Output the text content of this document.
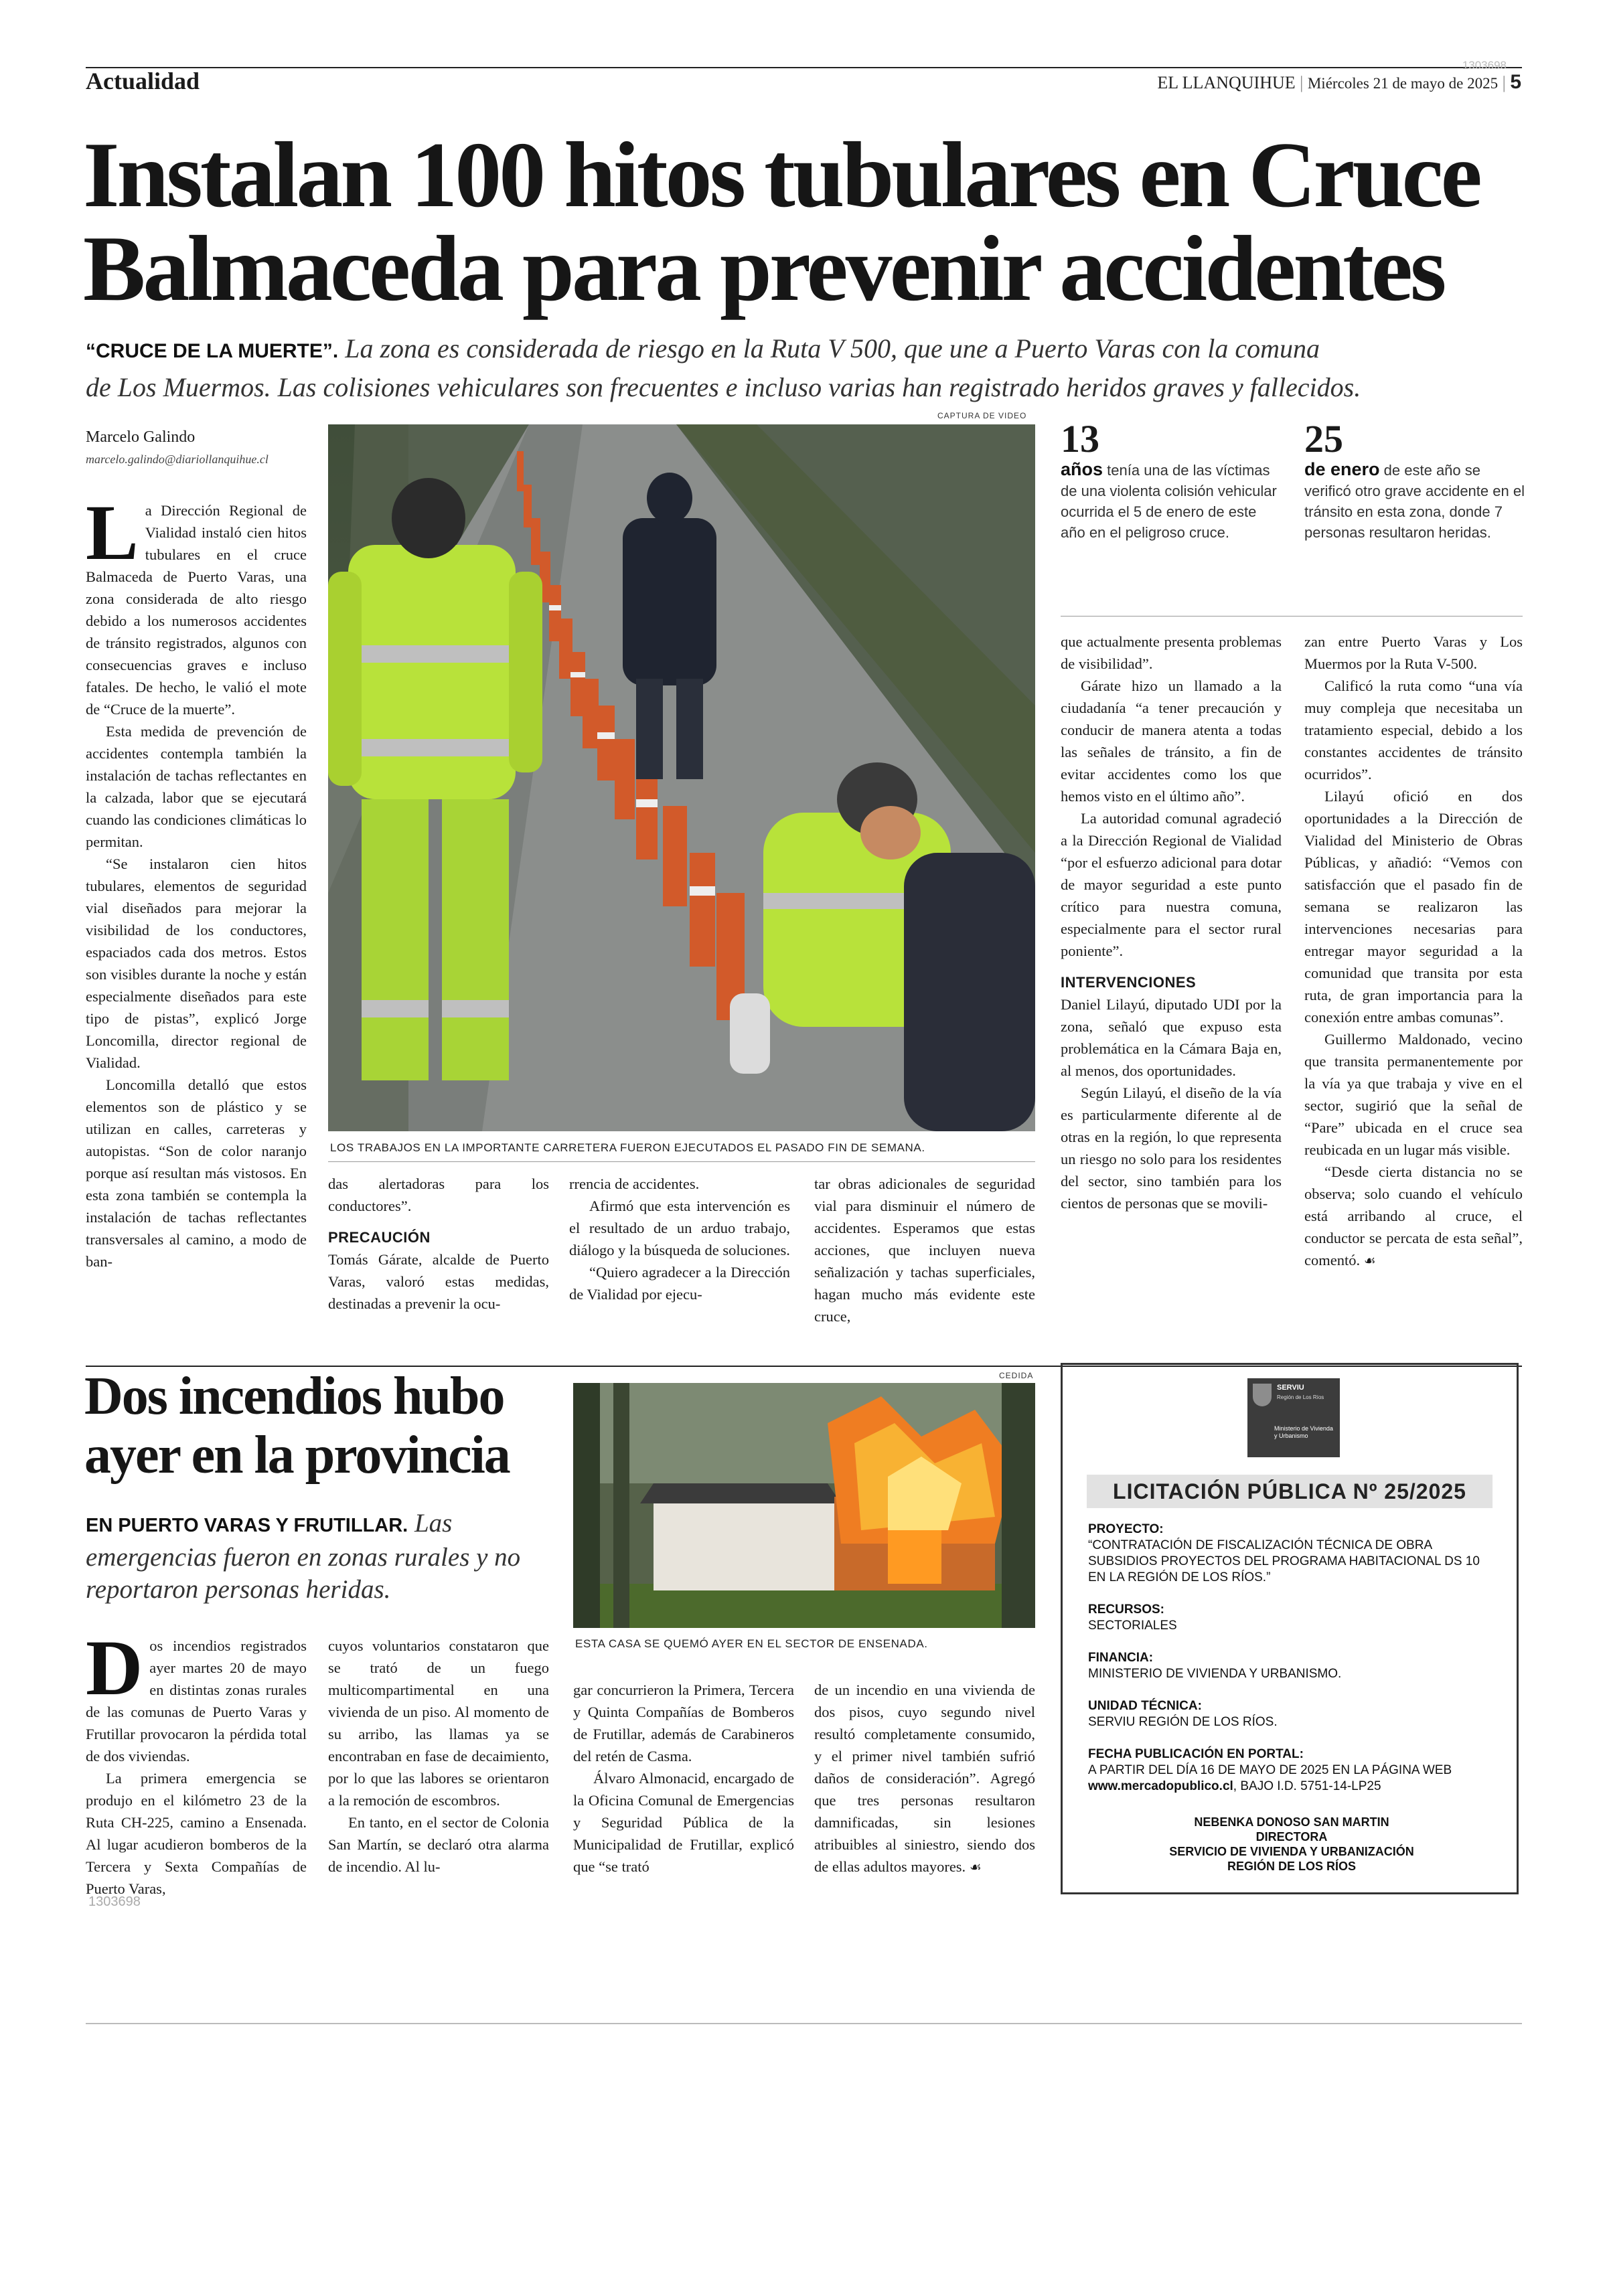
Actualidad	EL LLANQUIHUE | Miércoles 21 de mayo de 2025 | 5
1303698
Instalan 100 hitos tubulares en Cruce
Balmaceda para prevenir accidentes
“CRUCE DE LA MUERTE”. La zona es considerada de riesgo en la Ruta V 500, que une a Puerto Varas con la comuna
de Los Muermos. Las colisiones vehiculares son frecuentes e incluso varias han registrado heridos graves y fallecidos.
Marcelo Galindo
marcelo.galindo@diariollanquihue.cl
CAPTURA DE VIDEO
LOS TRABAJOS EN LA IMPORTANTE CARRETERA FUERON EJECUTADOS EL PASADO FIN DE SEMANA.

La Dirección Regional de Vialidad instaló cien hitos tubulares en el cruce Balmaceda de Puerto Varas, una zona considerada de alto riesgo debido a los numerosos accidentes de tránsito registrados, algunos con consecuencias graves e incluso fatales. De hecho, le valió el mote de “Cruce de la muerte”.

Esta medida de prevención de accidentes contempla también la instalación de tachas reflectantes en la calzada, labor que se ejecutará cuando las condiciones climáticas lo permitan.

“Se instalaron cien hitos tubulares, elementos de seguridad vial diseñados para mejorar la visibilidad de los conductores, espaciados cada dos metros. Estos son visibles durante la noche y están especialmente diseñados para este tipo de pistas”, explicó Jorge Loncomilla, director regional de Vialidad.

Loncomilla detalló que estos elementos son de plástico y se utilizan en calles, carreteras y autopistas. “Son de color naranjo porque así resultan más vistosos. En esta zona también se contempla la instalación de tachas reflectantes transversales al camino, a modo de ban-

das alertadoras para los conductores”.

PRECAUCIÓN

Tomás Gárate, alcalde de Puerto Varas, valoró estas medidas, destinadas a prevenir la ocu-

rrencia de accidentes.

Afirmó que esta intervención es el resultado de un arduo trabajo, diálogo y la búsqueda de soluciones.

“Quiero agradecer a la Dirección de Vialidad por ejecu-

tar obras adicionales de seguridad vial para disminuir el número de accidentes. Esperamos que estas acciones, que incluyen nueva señalización y tachas superficiales, hagan mucho más evidente este cruce,

13
años tenía una de las víctimas de una violenta colisión vehicular ocurrida el 5 de enero de este año en el peligroso cruce.
25
de enero de este año se verificó otro grave accidente en el tránsito en esta zona, donde 7 personas resultaron heridas.

que actualmente presenta problemas de visibilidad”.

Gárate hizo un llamado a la ciudadanía “a tener precaución y conducir de manera atenta a todas las señales de tránsito, a fin de evitar accidentes como los que hemos visto en el último año”.

La autoridad comunal agradeció a la Dirección Regional de Vialidad “por el esfuerzo adicional para dotar de mayor seguridad a este punto crítico para nuestra comuna, especialmente para el sector rural poniente”.

INTERVENCIONES

Daniel Lilayú, diputado UDI por la zona, señaló que expuso esta problemática en la Cámara Baja en, al menos, dos oportunidades.

Según Lilayú, el diseño de la vía es particularmente diferente al de otras en la región, lo que representa un riesgo no solo para los residentes del sector, sino también para los cientos de personas que se movili-

zan entre Puerto Varas y Los Muermos por la Ruta V-500.

Calificó la ruta como “una vía muy compleja que necesitaba un tratamiento especial, debido a los constantes accidentes de tránsito ocurridos”.

Lilayú ofició en dos oportunidades a la Dirección de Vialidad del Ministerio de Obras Públicas, y añadió: “Vemos con satisfacción que el pasado fin de semana se realizaron las intervenciones necesarias para entregar mayor seguridad a la comunidad que transita por esta ruta, de gran importancia para la conexión entre ambas comunas”.

Guillermo Maldonado, vecino que transita permanentemente por la vía ya que trabaja y vive en el sector, sugirió que la señal de “Pare” ubicada en el cruce sea reubicada en un lugar más visible.

“Desde cierta distancia no se observa; solo cuando el vehículo está arribando al cruce, el conductor se percata de esta señal”, comentó. ☙

Dos incendios hubo
ayer en la provincia
EN PUERTO VARAS Y FRUTILLAR. Las emergencias fueron en zonas rurales y no reportaron personas heridas.
CEDIDA
ESTA CASA SE QUEMÓ AYER EN EL SECTOR DE ENSENADA.

Dos incendios registrados ayer martes 20 de mayo en distintas zonas rurales de las comunas de Puerto Varas y Frutillar provocaron la pérdida total de dos viviendas.

La primera emergencia se produjo en el kilómetro 23 de la Ruta CH-225, camino a Ensenada. Al lugar acudieron bomberos de la Tercera y Sexta Compañías de Puerto Varas,

1303698

cuyos voluntarios constataron que se trató de un fuego multicompartimental en una vivienda de un piso. Al momento de su arribo, las llamas ya se encontraban en fase de decaimiento, por lo que las labores se orientaron a la remoción de escombros.

En tanto, en el sector de Colonia San Martín, se declaró otra alarma de incendio. Al lu-

gar concurrieron la Primera, Tercera y Quinta Compañías de Bomberos de Frutillar, además de Carabineros del retén de Casma.

Álvaro Almonacid, encargado de la Oficina Comunal de Emergencias y Seguridad Pública de la Municipalidad de Frutillar, explicó que “se trató

de un incendio en una vivienda de dos pisos, cuyo segundo nivel resultó completamente consumido, y el primer nivel también sufrió daños de consideración”. Agregó que tres personas resultaron damnificadas, sin lesiones atribuibles al siniestro, siendo dos de ellas adultos mayores. ☙

SERVIU
Región de Los Ríos
Ministerio de Vivienda y Urbanismo
LICITACIÓN PÚBLICA Nº 25/2025
PROYECTO:
“CONTRATACIÓN DE FISCALIZACIÓN TÉCNICA DE OBRA SUBSIDIOS PROYECTOS DEL PROGRAMA HABITACIONAL DS 10 EN LA REGIÓN DE LOS RÍOS.”
RECURSOS:
SECTORIALES
FINANCIA:
MINISTERIO DE VIVIENDA Y URBANISMO.
UNIDAD TÉCNICA:
SERVIU REGIÓN DE LOS RÍOS.
FECHA PUBLICACIÓN EN PORTAL:
A PARTIR DEL DÍA 16 DE MAYO DE 2025 EN LA PÁGINA WEB
www.mercadopublico.cl, BAJO I.D. 5751-14-LP25
NEBENKA DONOSO SAN MARTIN
DIRECTORA
SERVICIO DE VIVIENDA Y URBANIZACIÓN
REGIÓN DE LOS RÍOS
